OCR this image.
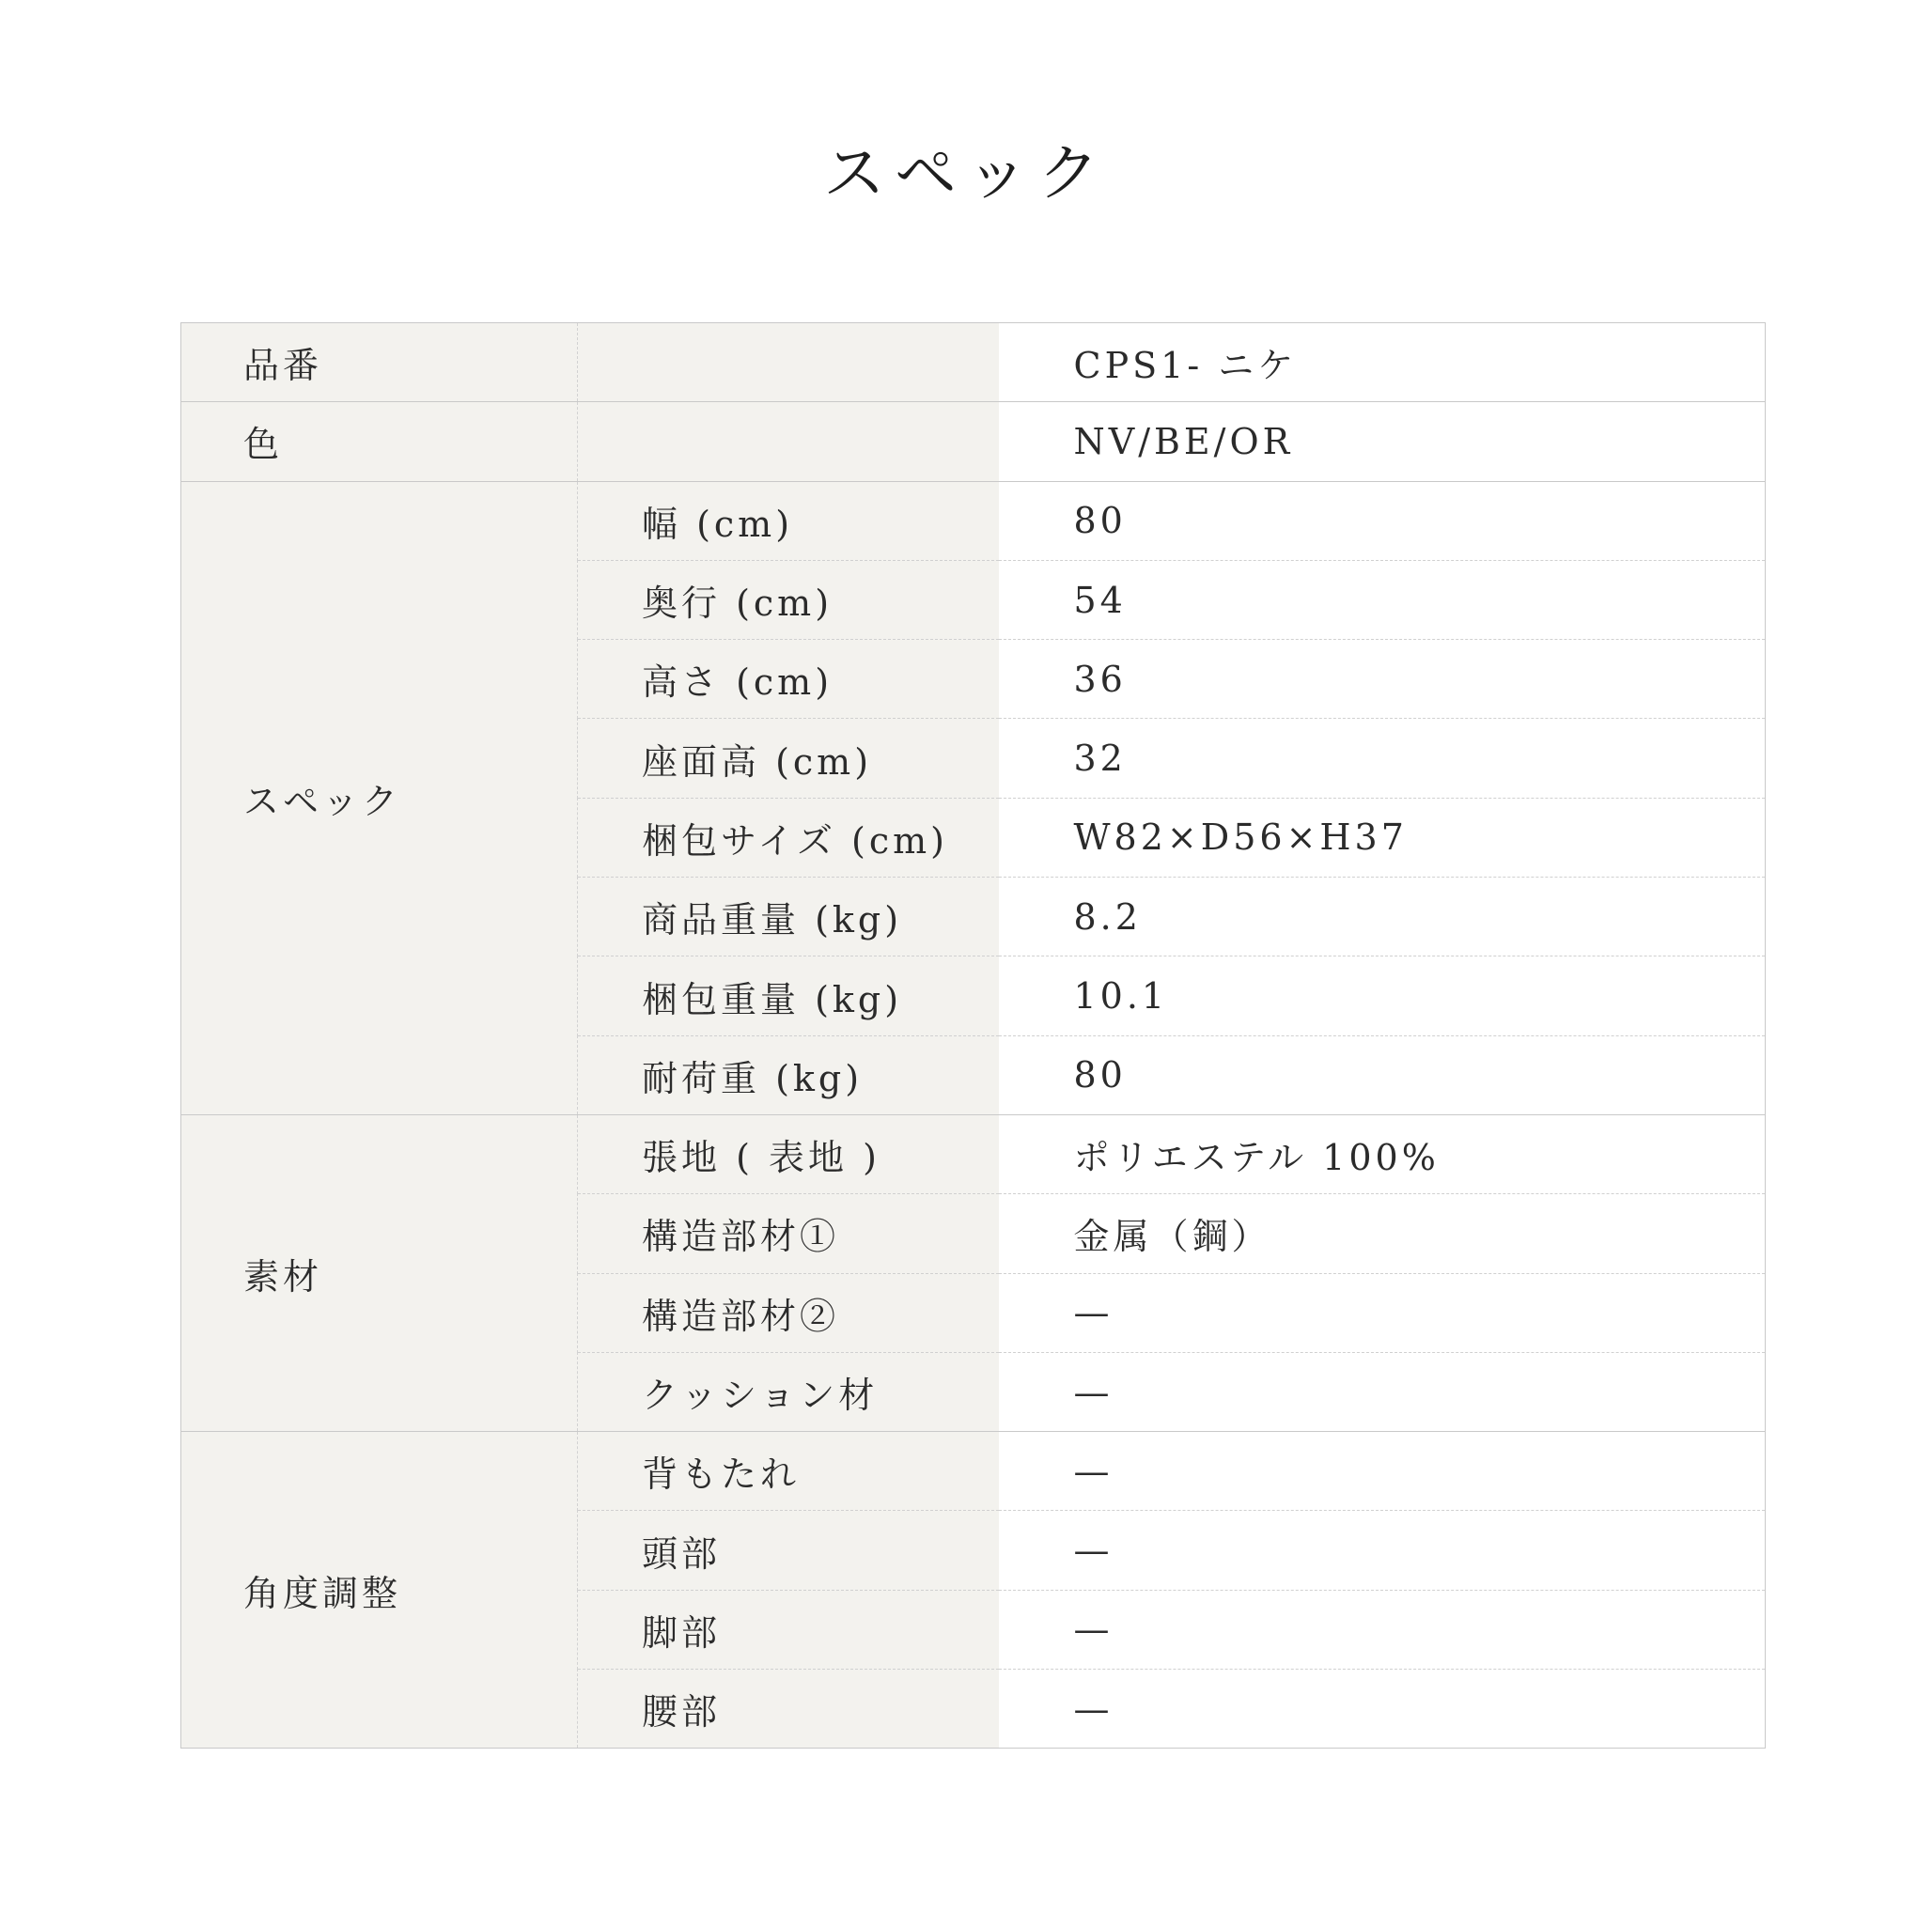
スペック
品番		CPS1- ニケ
色		NV/BE/OR
スペック	幅 (cm)	80
	奥行 (cm)	54
	高さ (cm)	36
	座面高 (cm)	32
	梱包サイズ (cm)	W82×D56×H37
	商品重量 (kg)	8.2
	梱包重量 (kg)	10.1
	耐荷重 (kg)	80
素材	張地 ( 表地 )	ポリエステル 100%
	構造部材①	金属（鋼）
	構造部材②	—
	クッション材	—
角度調整	背もたれ	—
	頭部	—
	脚部	—
	腰部	—
